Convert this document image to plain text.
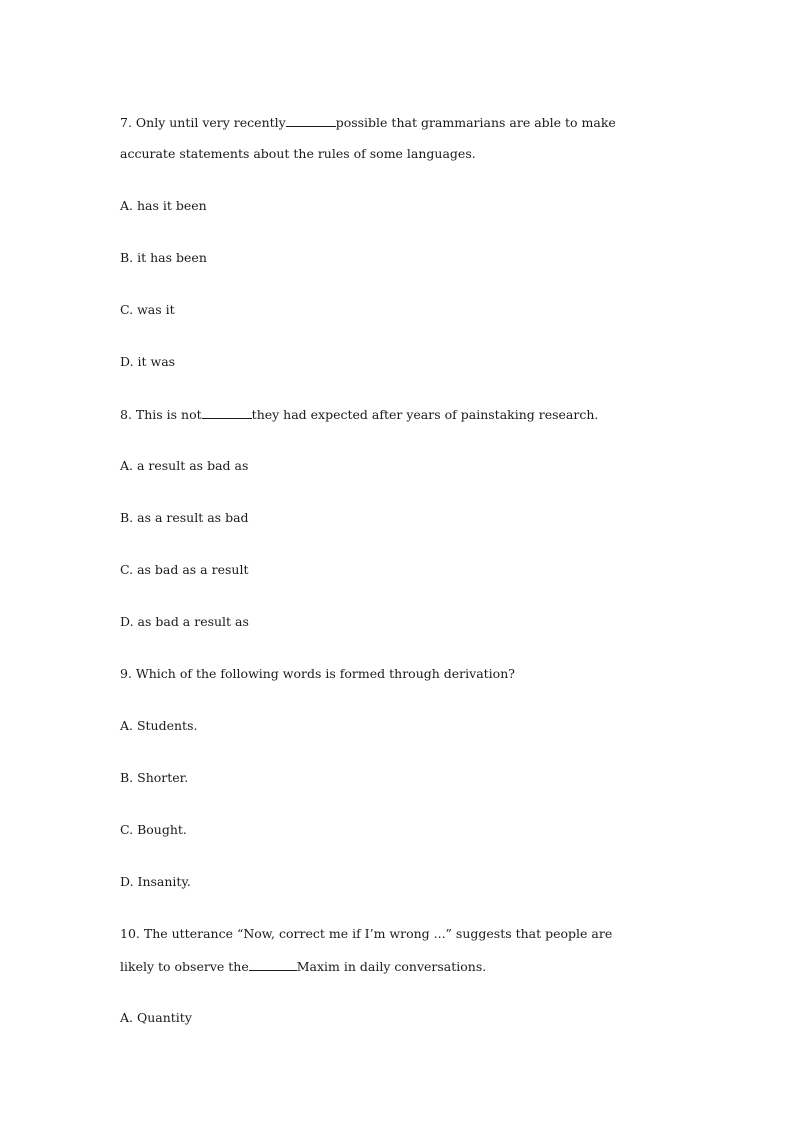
7. Only until very recently	possible that grammarians are able to make
accurate statements about the rules of some languages.
A. has it been
B. it has been
C. was it
D. it was
8. This is not	they had expected after years of painstaking research.
A. a result as bad as
B. as a result as bad
C. as bad as a result
D. as bad a result as
9. Which of the following words is formed through derivation?
A. Students.
B. Shorter.
C. Bought.
D. Insanity.
10. The utterance “Now, correct me if I’m wrong ...” suggests that people are
likely to observe the	Maxim in daily conversations.
A. Quantity
